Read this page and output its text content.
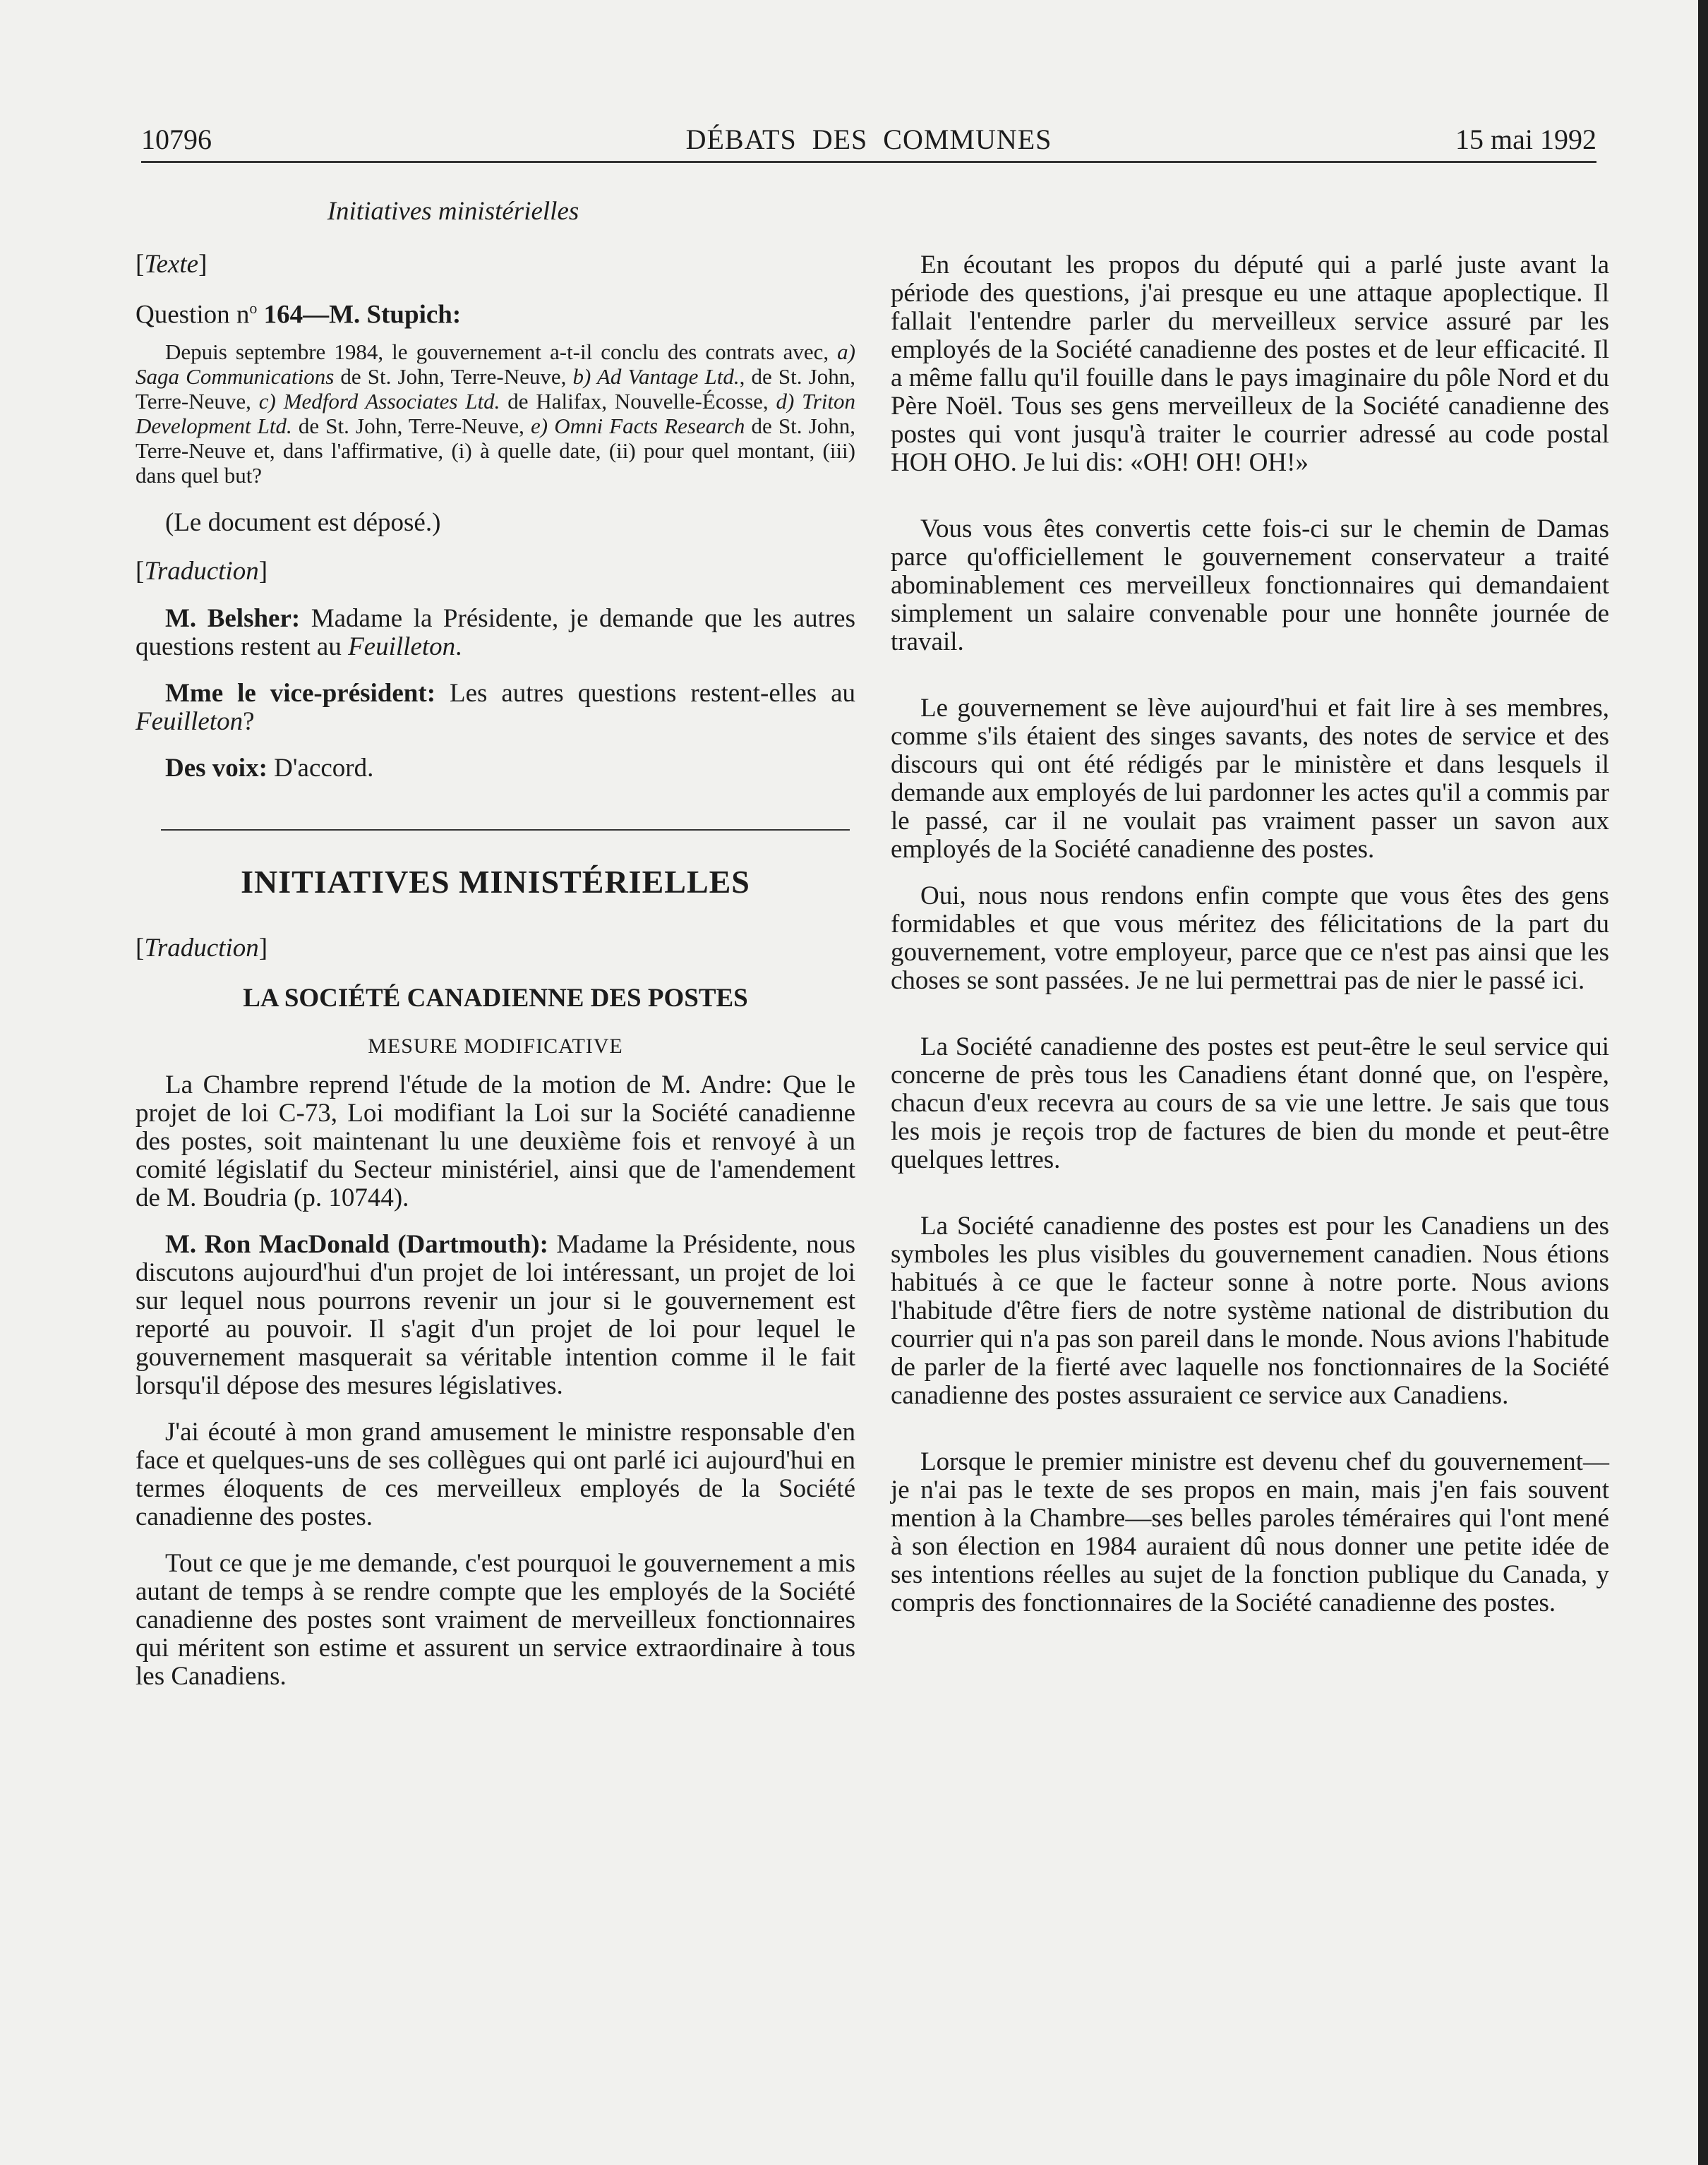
10796	DÉBATS  DES  COMMUNES	15 mai 1992

Initiatives ministérielles

[Texte]

Question $n^o$ 164—M. Stupich:

Depuis septembre 1984, le gouvernement a-t-il conclu des contrats avec, a) Saga Communications de St. John, Terre-Neuve, b) Ad Vantage Ltd., de St. John, Terre-Neuve, c) Medford Associates Ltd. de Halifax, Nouvelle-Écosse, d) Triton Development Ltd. de St. John, Terre-Neuve, e) Omni Facts Research de St. John, Terre-Neuve et, dans l'affirmative, (i) à quelle date, (ii) pour quel montant, (iii) dans quel but?

(Le document est déposé.)

[Traduction]

M. Belsher: Madame la Présidente, je demande que les autres questions restent au Feuilleton.

Mme le vice-président: Les autres questions restent-elles au Feuilleton?

Des voix: D'accord.

INITIATIVES MINISTÉRIELLES

[Traduction]

LA SOCIÉTÉ CANADIENNE DES POSTES

MESURE MODIFICATIVE

La Chambre reprend l'étude de la motion de M. Andre: Que le projet de loi C-73, Loi modifiant la Loi sur la Société canadienne des postes, soit maintenant lu une deuxième fois et renvoyé à un comité législatif du Secteur ministériel, ainsi que de l'amendement de M. Boudria (p. 10744).

M. Ron MacDonald (Dartmouth): Madame la Présidente, nous discutons aujourd'hui d'un projet de loi intéressant, un projet de loi sur lequel nous pourrons revenir un jour si le gouvernement est reporté au pouvoir. Il s'agit d'un projet de loi pour lequel le gouvernement masquerait sa véritable intention comme il le fait lorsqu'il dépose des mesures législatives.

J'ai écouté à mon grand amusement le ministre responsable d'en face et quelques-uns de ses collègues qui ont parlé ici aujourd'hui en termes éloquents de ces merveilleux employés de la Société canadienne des postes.

Tout ce que je me demande, c'est pourquoi le gouvernement a mis autant de temps à se rendre compte que les employés de la Société canadienne des postes sont vraiment de merveilleux fonctionnaires qui méritent son estime et assurent un service extraordinaire à tous les Canadiens.

En écoutant les propos du député qui a parlé juste avant la période des questions, j'ai presque eu une attaque apoplectique. Il fallait l'entendre parler du merveilleux service assuré par les employés de la Société canadienne des postes et de leur efficacité. Il a même fallu qu'il fouille dans le pays imaginaire du pôle Nord et du Père Noël. Tous ses gens merveilleux de la Société canadienne des postes qui vont jusqu'à traiter le courrier adressé au code postal HOH OHO. Je lui dis: «OH! OH! OH!»

Vous vous êtes convertis cette fois-ci sur le chemin de Damas parce qu'officiellement le gouvernement conservateur a traité abominablement ces merveilleux fonctionnaires qui demandaient simplement un salaire convenable pour une honnête journée de travail.

Le gouvernement se lève aujourd'hui et fait lire à ses membres, comme s'ils étaient des singes savants, des notes de service et des discours qui ont été rédigés par le ministère et dans lesquels il demande aux employés de lui pardonner les actes qu'il a commis par le passé, car il ne voulait pas vraiment passer un savon aux employés de la Société canadienne des postes.

Oui, nous nous rendons enfin compte que vous êtes des gens formidables et que vous méritez des félicitations de la part du gouvernement, votre employeur, parce que ce n'est pas ainsi que les choses se sont passées. Je ne lui permettrai pas de nier le passé ici.

La Société canadienne des postes est peut-être le seul service qui concerne de près tous les Canadiens étant donné que, on l'espère, chacun d'eux recevra au cours de sa vie une lettre. Je sais que tous les mois je reçois trop de factures de bien du monde et peut-être quelques lettres.

La Société canadienne des postes est pour les Canadiens un des symboles les plus visibles du gouvernement canadien. Nous étions habitués à ce que le facteur sonne à notre porte. Nous avions l'habitude d'être fiers de notre système national de distribution du courrier qui n'a pas son pareil dans le monde. Nous avions l'habitude de parler de la fierté avec laquelle nos fonctionnaires de la Société canadienne des postes assuraient ce service aux Canadiens.

Lorsque le premier ministre est devenu chef du gouvernement—je n'ai pas le texte de ses propos en main, mais j'en fais souvent mention à la Chambre—ses belles paroles téméraires qui l'ont mené à son élection en 1984 auraient dû nous donner une petite idée de ses intentions réelles au sujet de la fonction publique du Canada, y compris des fonctionnaires de la Société canadienne des postes.
